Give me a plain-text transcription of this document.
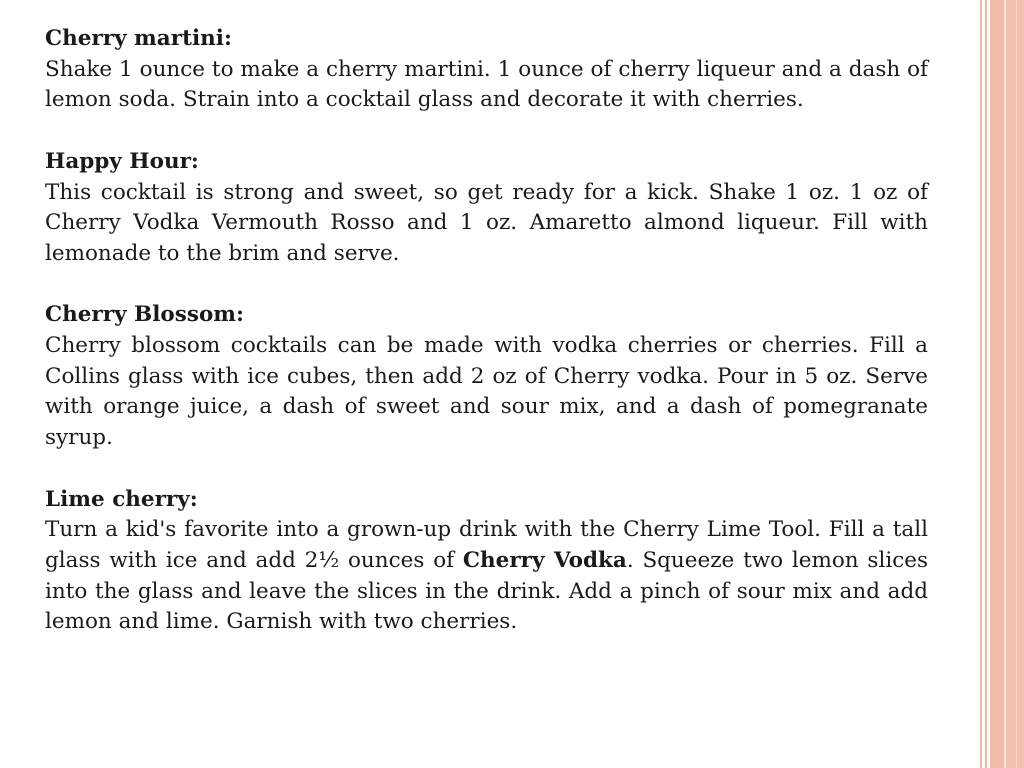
Cherry martini:
Shake 1 ounce to make a cherry martini. 1 ounce of cherry liqueur and a dash of lemon soda. Strain into a cocktail glass and decorate it with cherries.
Happy Hour:
This cocktail is strong and sweet, so get ready for a kick. Shake 1 oz. 1 oz of Cherry Vodka Vermouth Rosso and 1 oz. Amaretto almond liqueur. Fill with lemonade to the brim and serve.
Cherry Blossom:
Cherry blossom cocktails can be made with vodka cherries or cherries. Fill a Collins glass with ice cubes, then add 2 oz of Cherry vodka. Pour in 5 oz. Serve with orange juice, a dash of sweet and sour mix, and a dash of pomegranate syrup.
Lime cherry:
Turn a kid's favorite into a grown-up drink with the Cherry Lime Tool. Fill a tall glass with ice and add 2½ ounces of Cherry Vodka. Squeeze two lemon slices into the glass and leave the slices in the drink. Add a pinch of sour mix and add lemon and lime. Garnish with two cherries.
